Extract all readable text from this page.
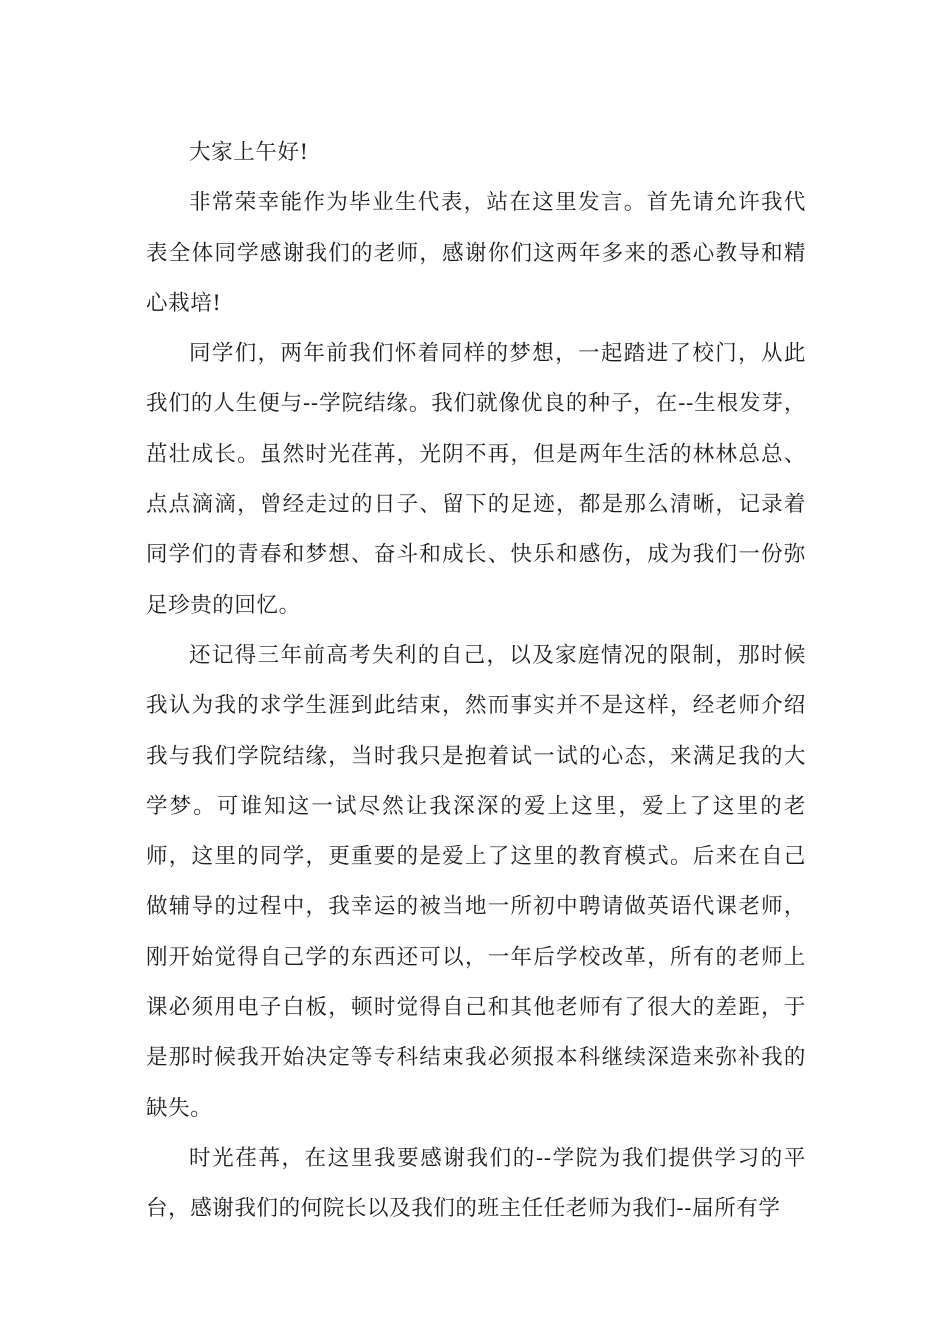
大家上午好!

非常荣幸能作为毕业生代表，站在这里发言。首先请允许我代表全体同学感谢我们的老师，感谢你们这两年多来的悉心教导和精心栽培!

同学们，两年前我们怀着同样的梦想，一起踏进了校门，从此我们的人生便与--学院结缘。我们就像优良的种子，在--生根发芽，茁壮成长。虽然时光荏苒，光阴不再，但是两年生活的林林总总、点点滴滴，曾经走过的日子、留下的足迹，都是那么清晰，记录着同学们的青春和梦想、奋斗和成长、快乐和感伤，成为我们一份弥足珍贵的回忆。

还记得三年前高考失利的自己，以及家庭情况的限制，那时候我认为我的求学生涯到此结束，然而事实并不是这样，经老师介绍我与我们学院结缘，当时我只是抱着试一试的心态，来满足我的大学梦。可谁知这一试尽然让我深深的爱上这里，爱上了这里的老师，这里的同学，更重要的是爱上了这里的教育模式。后来在自己做辅导的过程中，我幸运的被当地一所初中聘请做英语代课老师，刚开始觉得自己学的东西还可以，一年后学校改革，所有的老师上课必须用电子白板，顿时觉得自己和其他老师有了很大的差距，于是那时候我开始决定等专科结束我必须报本科继续深造来弥补我的缺失。

时光荏苒，在这里我要感谢我们的--学院为我们提供学习的平台，感谢我们的何院长以及我们的班主任任老师为我们--届所有学
